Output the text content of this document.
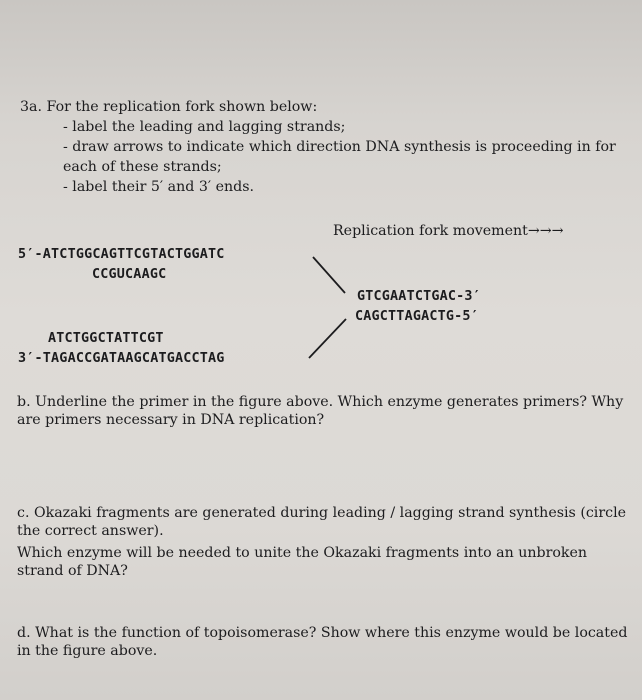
3a. For the replication fork shown below:
- label the leading and lagging strands;
- draw arrows to indicate which direction DNA synthesis is proceeding in for
each of these strands;
- label their 5′ and 3′ ends.
Replication fork movement→→→
5′-ATCTGGCAGTTCGTACTGGATC
CCGUCAAGC
GTCGAATCTGAC-3′
CAGCTTAGACTG-5′
ATCTGGCTATTCGT
3′-TAGACCGATAAGCATGACCTAG
b. Underline the primer in the figure above. Which enzyme generates primers? Why
are primers necessary in DNA replication?
c. Okazaki fragments are generated during leading / lagging strand synthesis (circle
the correct answer).
Which enzyme will be needed to unite the Okazaki fragments into an unbroken
strand of DNA?
d. What is the function of topoisomerase? Show where this enzyme would be located
in the figure above.
